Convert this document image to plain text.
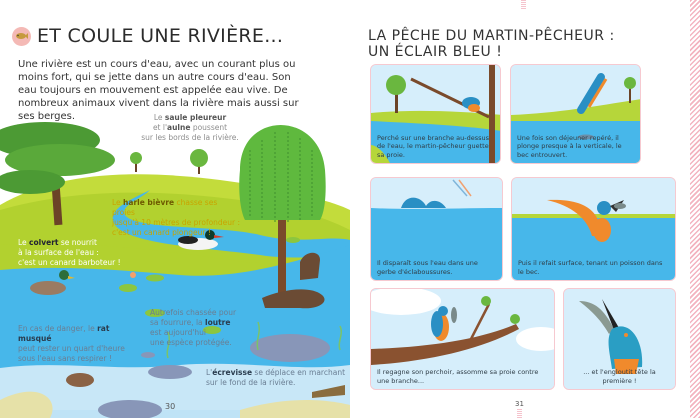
Le saule pleureur
et l'aulne poussent
sur les bords de la rivière.
Le harle bièvre chasse ses proies
jusqu'à 10 mètres de profondeur :
c'est un canard plongeur !
Le colvert se nourrit
à la surface de l'eau :
c'est un canard barboteur !
En cas de danger, le rat musqué
peut rester un quart d'heure
sous l'eau sans respirer !
Autrefois chassée pour
sa fourrure, la loutre
est aujourd'hui
une espèce protégée.
L'écrevisse se déplace en marchant
sur le fond de la rivière.
30
ET COULE UNE RIVIÈRE...

Une rivière est un cours d'eau, avec un courant plus ou moins fort, qui se jette dans un autre cours d'eau. Son eau toujours en mouvement est appelée eau vive. De nombreux animaux vivent dans la rivière mais aussi sur ses berges.

LA PÊCHE DU MARTIN-PÊCHEUR :
UN ÉCLAIR BLEU !
Perché sur une branche au-dessus de l'eau, le martin-pêcheur guette sa proie.
Une fois son déjeuner repéré, il plonge presque à la verticale, le bec entrouvert.
Il disparaît sous l'eau dans une gerbe d'éclaboussures.
Puis il refait surface, tenant un poisson dans le bec.
Il regagne son perchoir, assomme sa proie contre une branche...
... et l'engloutit tête la première !
31
